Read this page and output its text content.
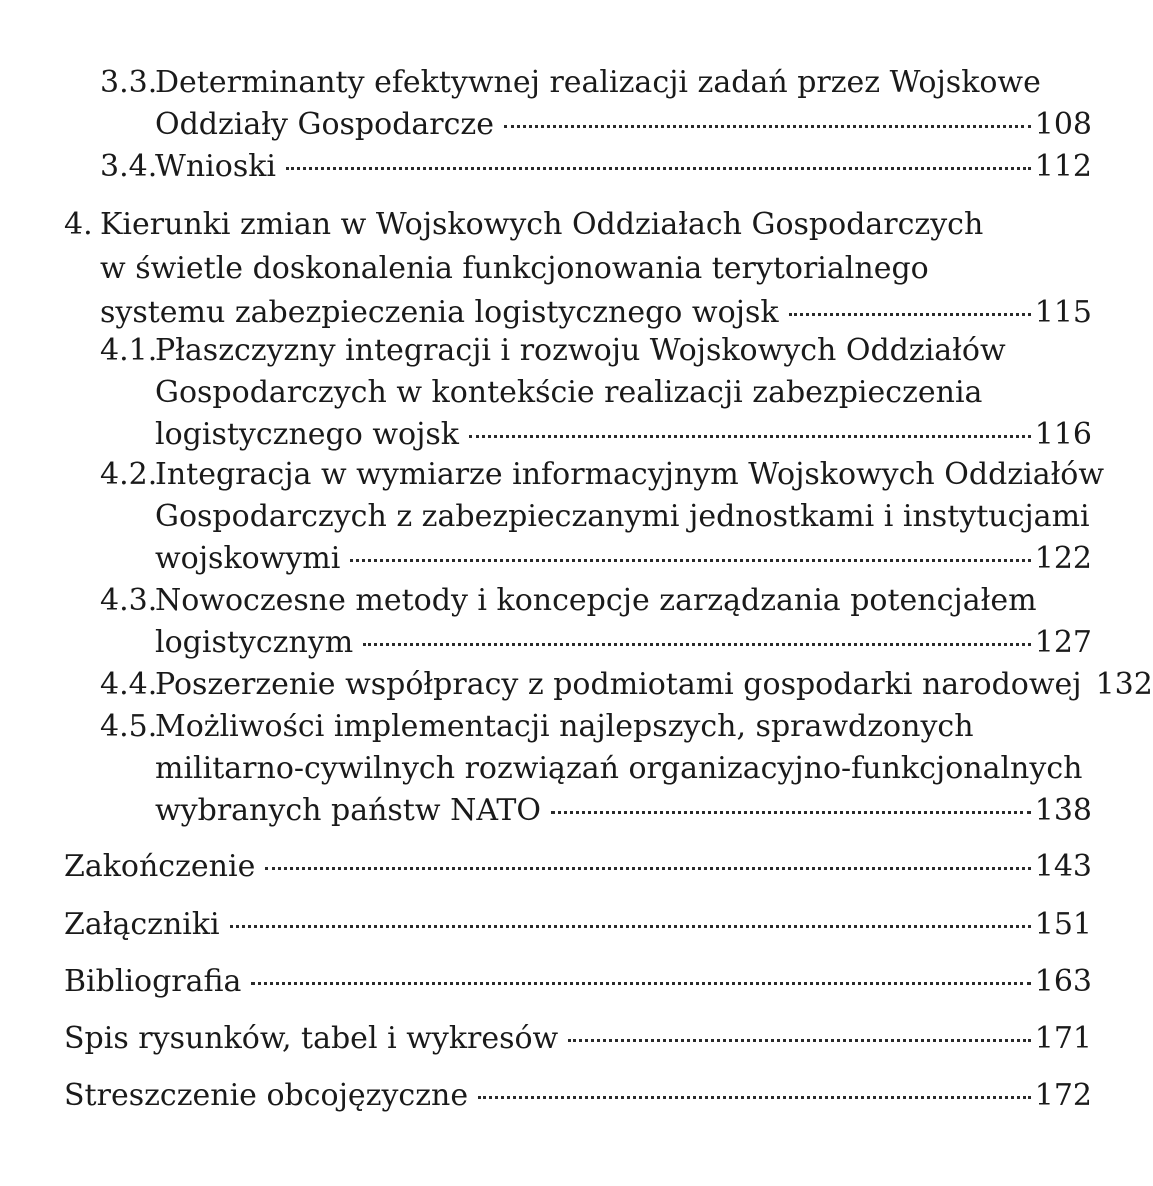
3.3.
Determinanty efektywnej realizacji zadań przez Wojskowe
Oddziały Gospodarcze	108
3.4.
Wnioski	112
4. Kierunki zmian w Wojskowych Oddziałach Gospodarczych
w świetle doskonalenia funkcjonowania terytorialnego
systemu zabezpieczenia logistycznego wojsk	115
4.1.
Płaszczyzny integracji i rozwoju Wojskowych Oddziałów
Gospodarczych w kontekście realizacji zabezpieczenia
logistycznego wojsk	116
4.2.
Integracja w wymiarze informacyjnym Wojskowych Oddziałów
Gospodarczych z zabezpieczanymi jednostkami i instytucjami
wojskowymi	122
4.3.
Nowoczesne metody i koncepcje zarządzania potencjałem
logistycznym	127
4.4.
Poszerzenie współpracy z podmiotami gospodarki narodowej 132
4.5.
Możliwości implementacji najlepszych, sprawdzonych
militarno-cywilnych rozwiązań organizacyjno-funkcjonalnych
wybranych państw NATO	138
Zakończenie	143
Załączniki	151
Bibliografia	163
Spis rysunków, tabel i wykresów	171
Streszczenie obcojęzyczne	172
